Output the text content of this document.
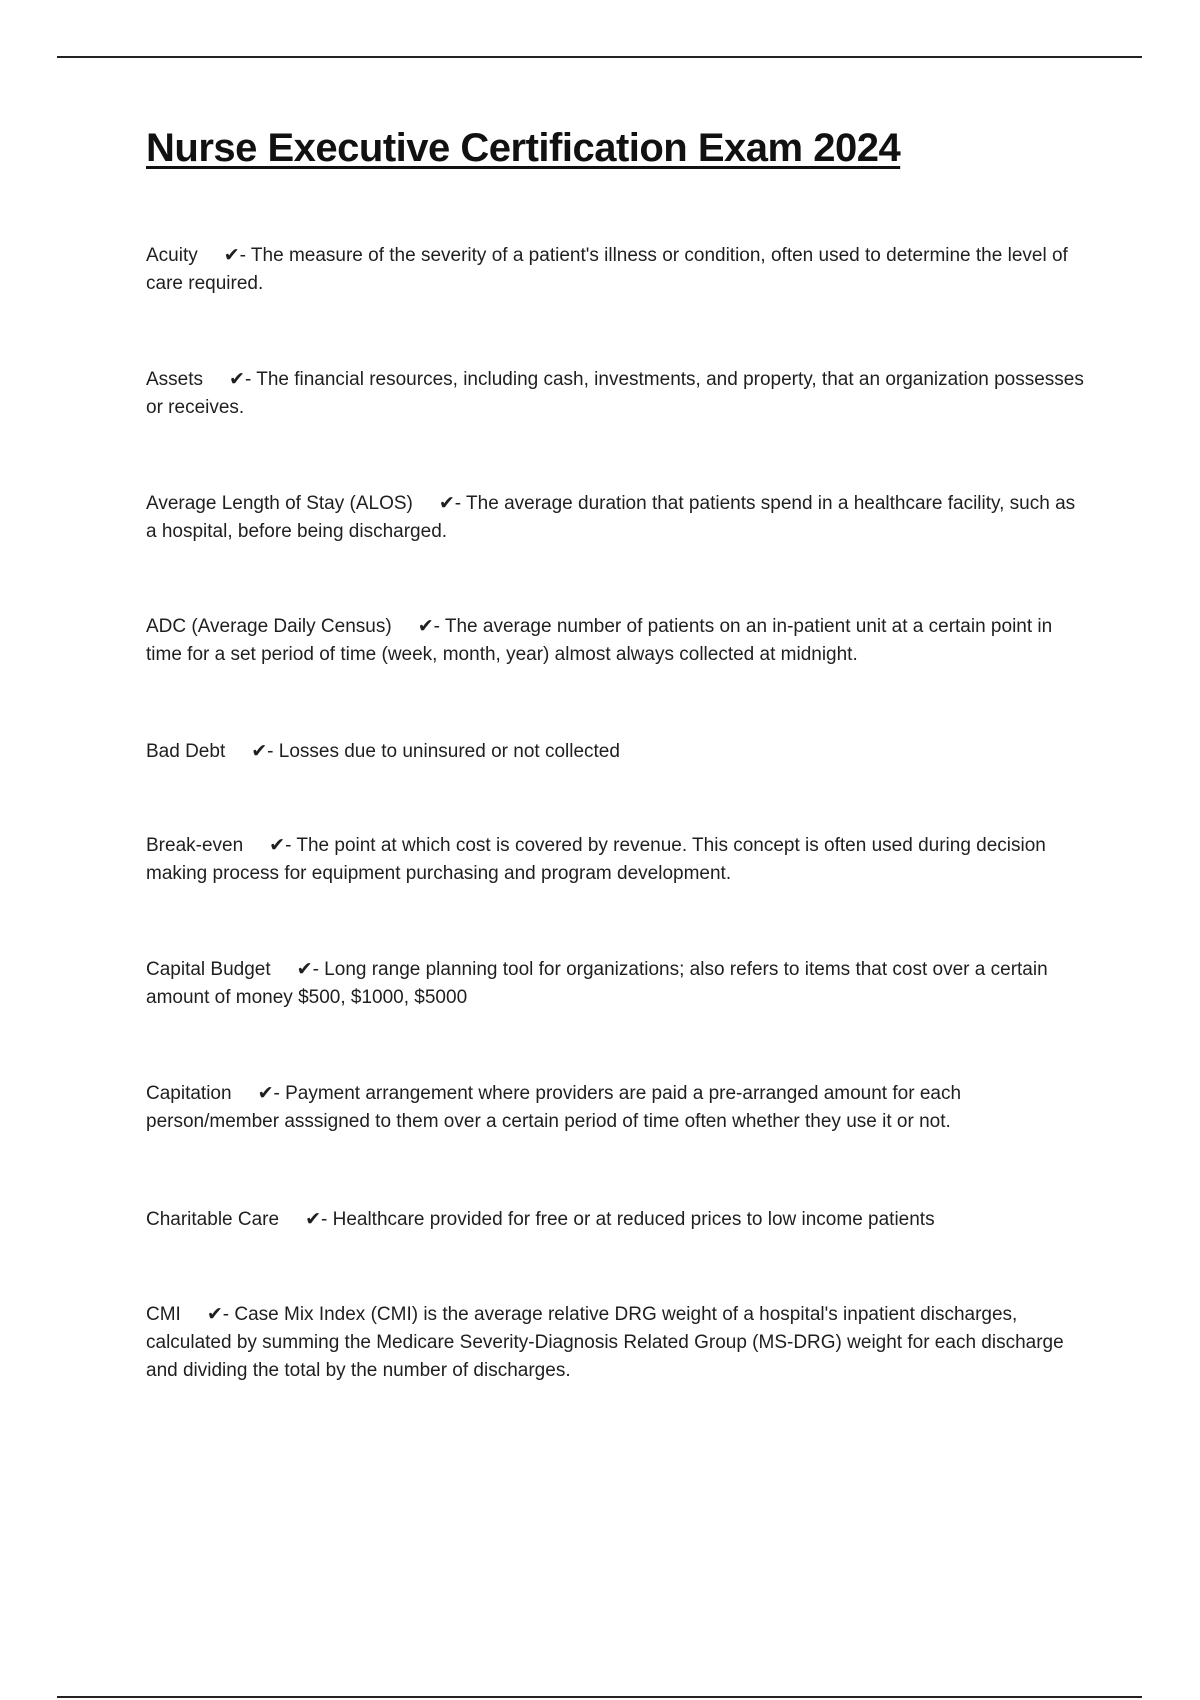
Nurse Executive Certification Exam 2024
Acuity ✔- The measure of the severity of a patient's illness or condition, often used to determine the level of care required.
Assets ✔- The financial resources, including cash, investments, and property, that an organization possesses or receives.
Average Length of Stay (ALOS) ✔- The average duration that patients spend in a healthcare facility, such as a hospital, before being discharged.
ADC (Average Daily Census) ✔- The average number of patients on an in-patient unit at a certain point in time for a set period of time (week, month, year) almost always collected at midnight.
Bad Debt ✔- Losses due to uninsured or not collected
Break-even ✔- The point at which cost is covered by revenue. This concept is often used during decision making process for equipment purchasing and program development.
Capital Budget ✔- Long range planning tool for organizations; also refers to items that cost over a certain amount of money $500, $1000, $5000
Capitation ✔- Payment arrangement where providers are paid a pre-arranged amount for each person/member asssigned to them over a certain period of time often whether they use it or not.
Charitable Care ✔- Healthcare provided for free or at reduced prices to low income patients
CMI ✔- Case Mix Index (CMI) is the average relative DRG weight of a hospital's inpatient discharges, calculated by summing the Medicare Severity-Diagnosis Related Group (MS-DRG) weight for each discharge and dividing the total by the number of discharges.
